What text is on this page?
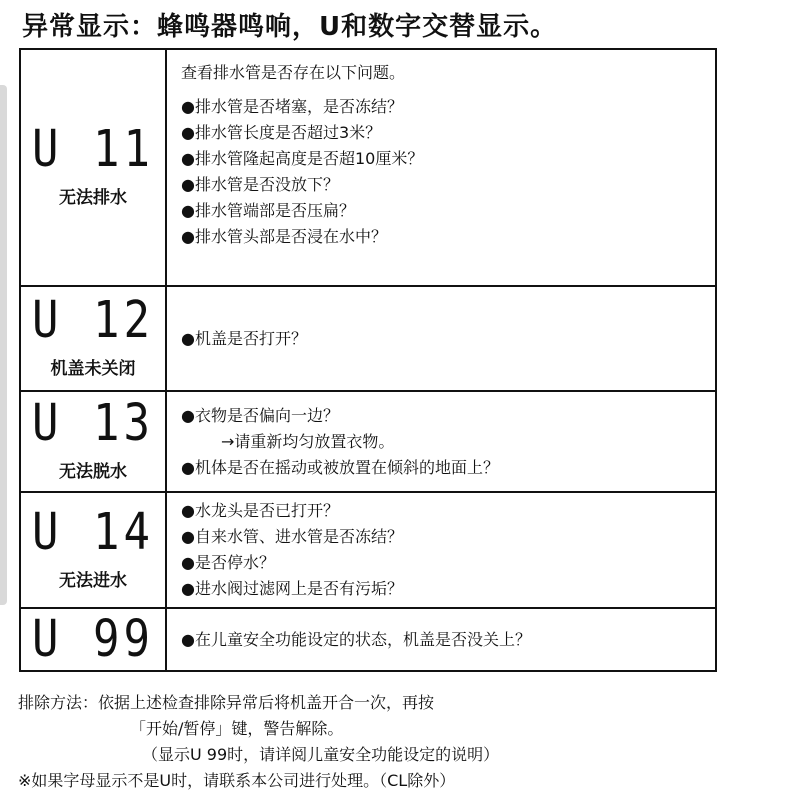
异常显示：蜂鸣器鸣响，U和数字交替显示。
U 11
无法排水
查看排水管是否存在以下问题。
●排水管是否堵塞，是否冻结？
●排水管长度是否超过3米？
●排水管隆起高度是否超10厘米？
●排水管是否没放下？
●排水管端部是否压扁？
●排水管头部是否浸在水中？
U 12
机盖未关闭
●机盖是否打开？
U 13
无法脱水
●衣物是否偏向一边？
→请重新均匀放置衣物。
●机体是否在摇动或被放置在倾斜的地面上？
U 14
无法进水
●水龙头是否已打开？
●自来水管、进水管是否冻结？
●是否停水？
●进水阀过滤网上是否有污垢？
U 99 ●在儿童安全功能设定的状态，机盖是否没关上？
排除方法：依据上述检查排除异常后将机盖开合一次，再按
「开始/暂停」键，警告解除。
（显示U 99时，请详阅儿童安全功能设定的说明）
※如果字母显示不是U时，请联系本公司进行处理。（CL除外）
